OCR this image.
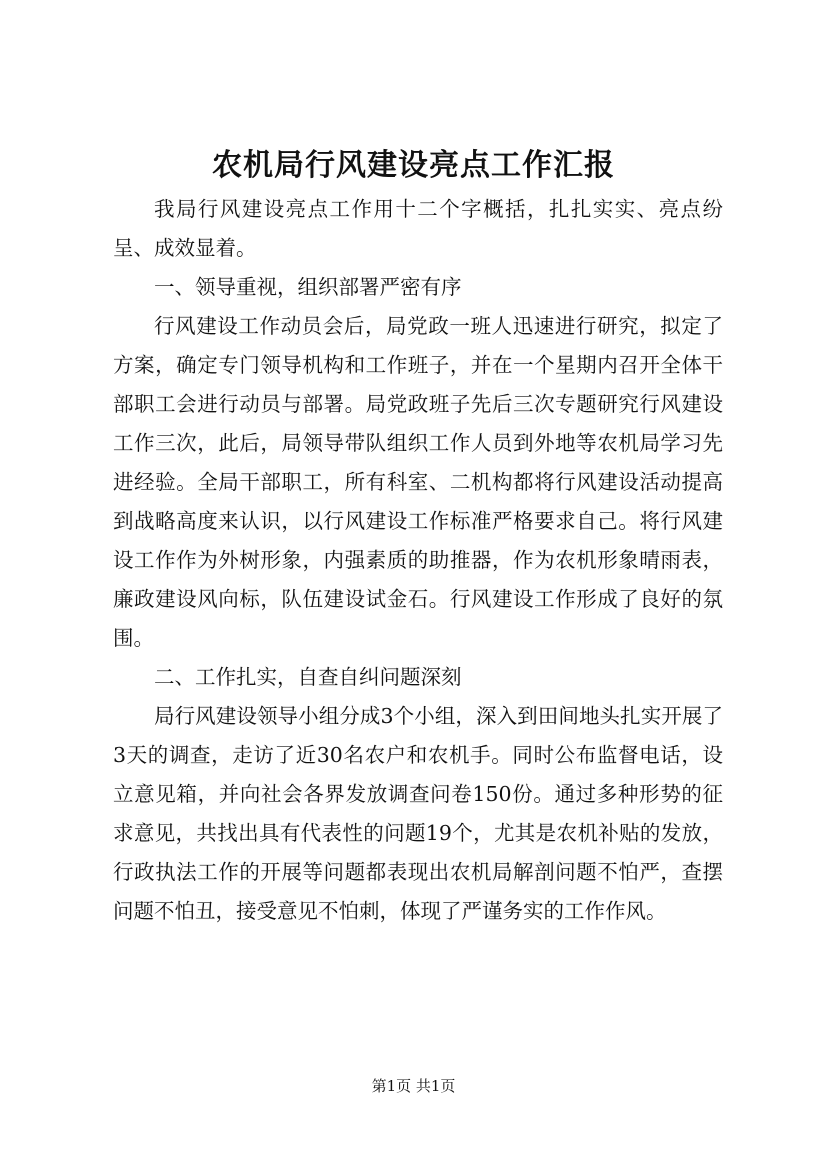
农机局行风建设亮点工作汇报

我局行风建设亮点工作用十二个字概括，扎扎实实、亮点纷呈、成效显着。

一、领导重视，组织部署严密有序

行风建设工作动员会后，局党政一班人迅速进行研究，拟定了方案，确定专门领导机构和工作班子，并在一个星期内召开全体干部职工会进行动员与部署。局党政班子先后三次专题研究行风建设工作三次，此后，局领导带队组织工作人员到外地等农机局学习先进经验。全局干部职工，所有科室、二机构都将行风建设活动提高到战略高度来认识，以行风建设工作标准严格要求自己。将行风建设工作作为外树形象，内强素质的助推器，作为农机形象晴雨表，廉政建设风向标，队伍建设试金石。行风建设工作形成了良好的氛围。

二、工作扎实，自查自纠问题深刻

局行风建设领导小组分成3个小组，深入到田间地头扎实开展了3天的调查，走访了近30名农户和农机手。同时公布监督电话，设立意见箱，并向社会各界发放调查问卷150份。通过多种形势的征求意见，共找出具有代表性的问题19个，尤其是农机补贴的发放，行政执法工作的开展等问题都表现出农机局解剖问题不怕严，查摆问题不怕丑，接受意见不怕刺，体现了严谨务实的工作作风。

第1页 共1页
